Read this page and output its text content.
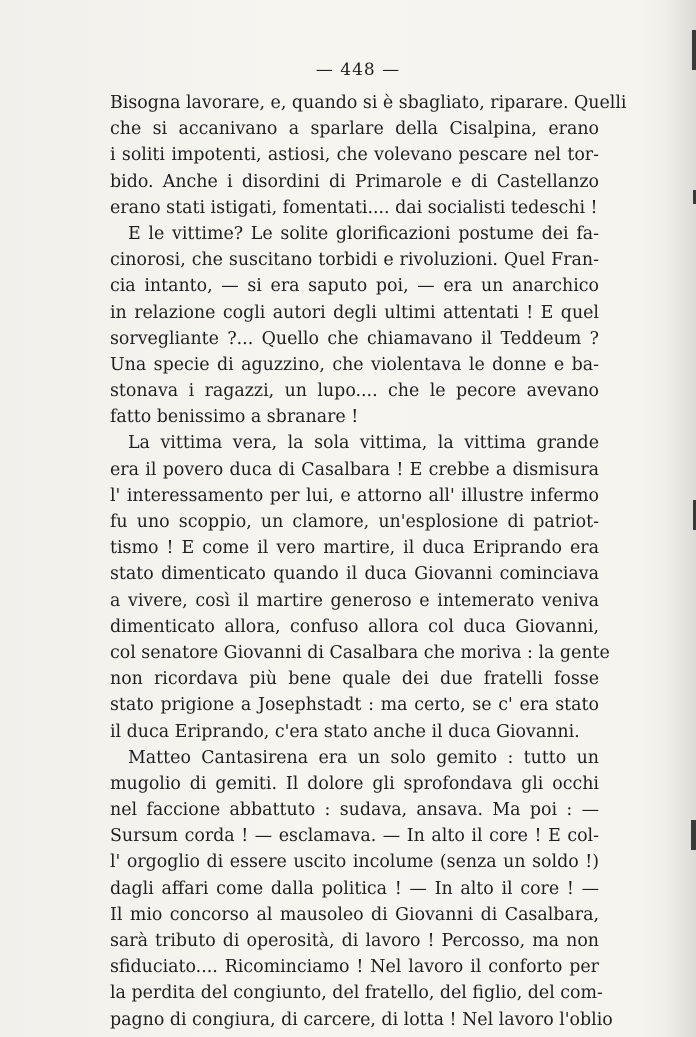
— 448 —
Bisogna lavorare, e, quando si è sbagliato, riparare. Quelli
che si accanivano a sparlare della Cisalpina, erano
i soliti impotenti, astiosi, che volevano pescare nel tor-
bido. Anche i disordini di Primarole e di Castellanzo
erano stati istigati, fomentati.... dai socialisti tedeschi !
E le vittime? Le solite glorificazioni postume dei fa-
cinorosi, che suscitano torbidi e rivoluzioni. Quel Fran-
cia intanto, — si era saputo poi, — era un anarchico
in relazione cogli autori degli ultimi attentati ! E quel
sorvegliante ?... Quello che chiamavano il Teddeum ?
Una specie di aguzzino, che violentava le donne e ba-
stonava i ragazzi, un lupo.... che le pecore avevano
fatto benissimo a sbranare !
La vittima vera, la sola vittima, la vittima grande
era il povero duca di Casalbara ! E crebbe a dismisura
l' interessamento per lui, e attorno all' illustre infermo
fu uno scoppio, un clamore, un'esplosione di patriot-
tismo ! E come il vero martire, il duca Eriprando era
stato dimenticato quando il duca Giovanni cominciava
a vivere, così il martire generoso e intemerato veniva
dimenticato allora, confuso allora col duca Giovanni,
col senatore Giovanni di Casalbara che moriva : la gente
non ricordava più bene quale dei due fratelli fosse
stato prigione a Josephstadt : ma certo, se c' era stato
il duca Eriprando, c'era stato anche il duca Giovanni.
Matteo Cantasirena era un solo gemito : tutto un
mugolio di gemiti. Il dolore gli sprofondava gli occhi
nel faccione abbattuto : sudava, ansava. Ma poi : —
Sursum corda ! — esclamava. — In alto il core ! E col-
l' orgoglio di essere uscito incolume (senza un soldo !)
dagli affari come dalla politica ! — In alto il core ! —
Il mio concorso al mausoleo di Giovanni di Casalbara,
sarà tributo di operosità, di lavoro ! Percosso, ma non
sfiduciato.... Ricominciamo ! Nel lavoro il conforto per
la perdita del congiunto, del fratello, del figlio, del com-
pagno di congiura, di carcere, di lotta ! Nel lavoro l'oblio
